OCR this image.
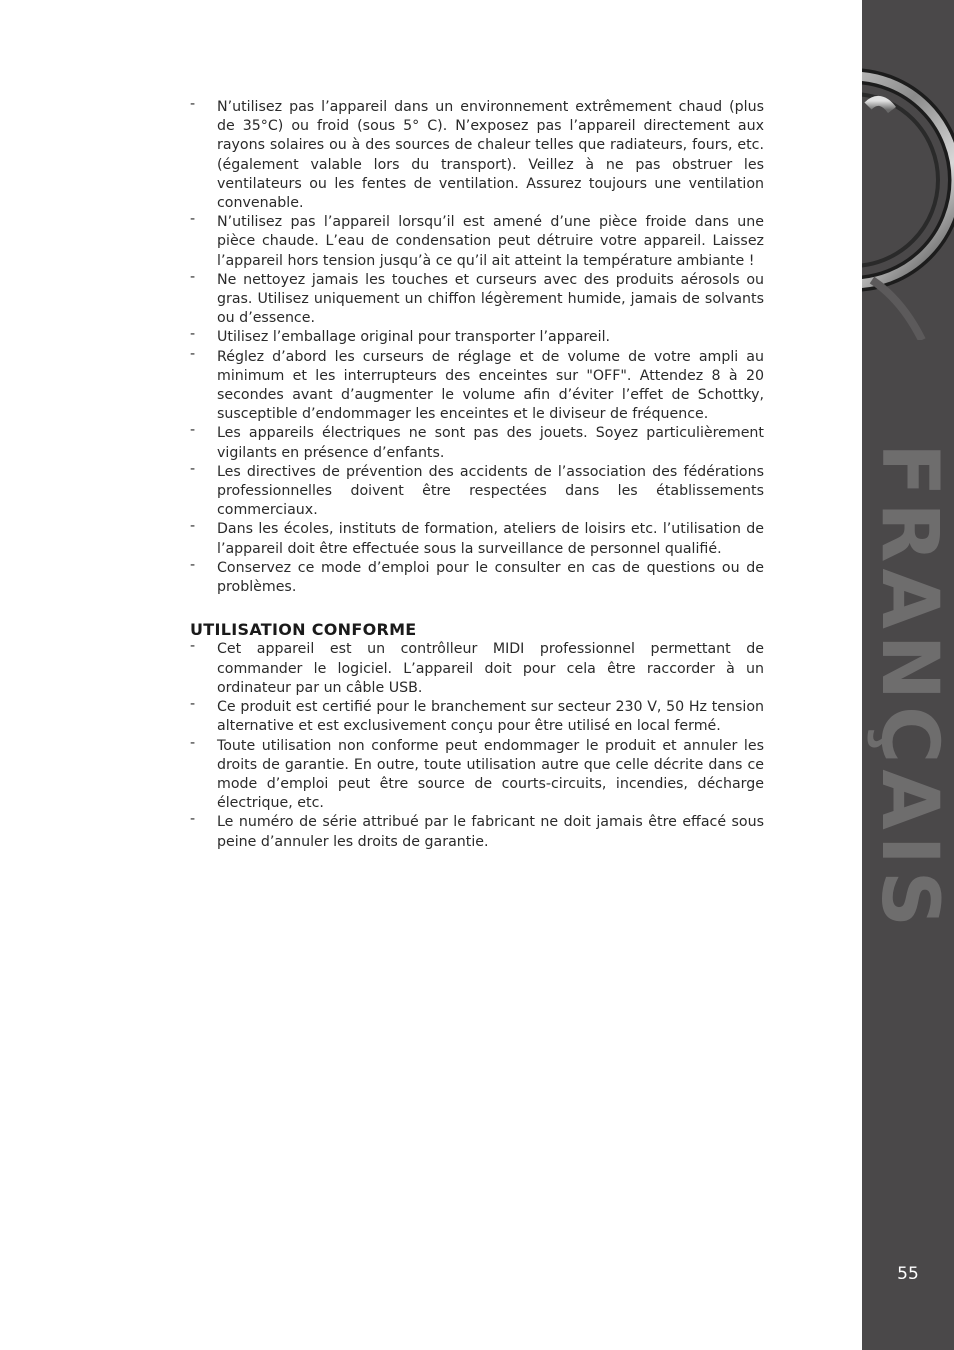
- N’utilisez pas l’appareil dans un environnement extrêmement chaud (plus de 35°C) ou froid (sous 5° C). N’exposez pas l’appareil directement aux rayons solaires ou à des sources de chaleur telles que radiateurs, fours, etc. (également valable lors du transport). Veillez à ne pas obstruer les ventilateurs ou les fentes de ventilation. Assurez toujours une ventilation convenable.
- N’utilisez pas l’appareil lorsqu’il est amené d’une pièce froide dans une pièce chaude. L’eau de condensation peut détruire votre appareil. Laissez l’appareil hors tension jusqu’à ce qu’il ait atteint la température ambiante !
- Ne nettoyez jamais les touches et curseurs avec des produits aérosols ou gras. Utilisez uniquement un chiffon légèrement humide, jamais de solvants ou d’essence.
- Utilisez l’emballage original pour transporter l’appareil.
- Réglez d’abord les curseurs de réglage et de volume de votre ampli au minimum et les interrupteurs des enceintes sur "OFF". Attendez 8 à 20 secondes avant d’augmenter le volume afin d’éviter l’effet de Schottky, susceptible d’endommager les enceintes et le diviseur de fréquence.
- Les appareils électriques ne sont pas des jouets. Soyez particulièrement vigilants en présence d’enfants.
- Les directives de prévention des accidents de l’association des fédérations professionnelles doivent être respectées dans les établissements commerciaux.
- Dans les écoles, instituts de formation, ateliers de loisirs etc. l’utilisation de l’appareil doit être effectuée sous la surveillance de personnel qualifié.
- Conservez ce mode d’emploi pour le consulter en cas de questions ou de problèmes.
UTILISATION CONFORME
- Cet appareil est un contrôlleur MIDI professionnel permettant de commander le logiciel. L’appareil doit pour cela être raccorder à un ordinateur par un câble USB.
- Ce produit est certifié pour le branchement sur secteur 230 V, 50 Hz tension alternative et est exclusivement conçu pour être utilisé en local fermé.
- Toute utilisation non conforme peut endommager le produit et annuler les droits de garantie. En outre, toute utilisation autre que celle décrite dans ce mode d’emploi peut être source de courts-circuits, incendies, décharge électrique, etc.
- Le numéro de série attribué par le fabricant ne doit jamais être effacé sous peine d’annuler les droits de garantie.	FRANÇAIS
55
